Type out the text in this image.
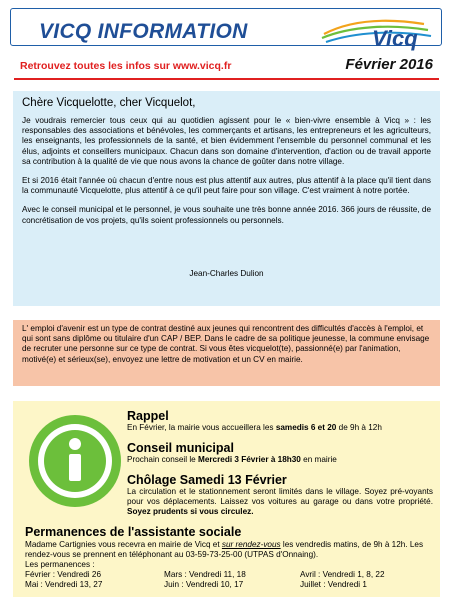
VICQ INFORMATION	Vicq
Retrouvez toutes les infos sur www.vicq.fr	Février 2016
Chère Vicquelotte, cher Vicquelot,

Je voudrais remercier tous ceux qui au quotidien agissent pour le « bien-vivre ensemble à Vicq » : les responsables des associations et bénévoles, les commerçants et artisans, les entrepreneurs et les agriculteurs, les enseignants, les professionnels de la santé, et bien évidemment l'ensemble du personnel communal et les élus, adjoints et conseillers municipaux. Chacun dans son domaine d'intervention, d'action ou de travail apporte sa contribution à la qualité de vie que nous avons la chance de goûter dans notre village.

Et si 2016 était l'année où chacun d'entre nous est plus attentif aux autres, plus attentif à la place qu'il tient dans la communauté Vicquelotte, plus attentif à ce qu'il peut faire pour son village. C'est vraiment à notre portée.

Avec le conseil municipal et le personnel, je vous souhaite une très bonne année 2016. 366 jours de réussite, de concrétisation de vos projets, qu'ils soient professionnels ou personnels.

Jean-Charles Dulion

L' emploi d'avenir est un type de contrat destiné aux jeunes qui rencontrent des difficultés d'accès à l'emploi, et qui sont sans diplôme ou titulaire d'un CAP / BEP. Dans le cadre de sa politique jeunesse, la commune envisage de recruter une personne sur ce type de contrat. Si vous êtes vicquelot(te), passionné(e) par l'animation, motivé(e) et sérieux(se), envoyez une lettre de motivation et un CV en mairie.

Rappel
En Février, la mairie vous accueillera les samedis 6 et 20 de 9h à 12h
Conseil municipal
Prochain conseil le Mercredi 3 Février à 18h30 en mairie
Chôlage Samedi 13 Février
La circulation et le stationnement seront limités dans le village. Soyez pré-voyants pour vos déplacements. Laissez vos voitures au garage ou dans votre propriété. Soyez prudents si vous circulez.
Permanences de l'assistante sociale
Madame Cartignies vous recevra en mairie de Vicq et sur rendez-vous les vendredis matins, de 9h à 12h. Les rendez-vous se prennent en téléphonant au 03-59-73-25-00 (UTPAS d'Onnaing).
Les permanences :
Février : Vendredi 26	Mars : Vendredi 11, 18	Avril : Vendredi 1, 8, 22
Mai : Vendredi 13, 27	Juin : Vendredi 10, 17	Juillet : Vendredi 1
